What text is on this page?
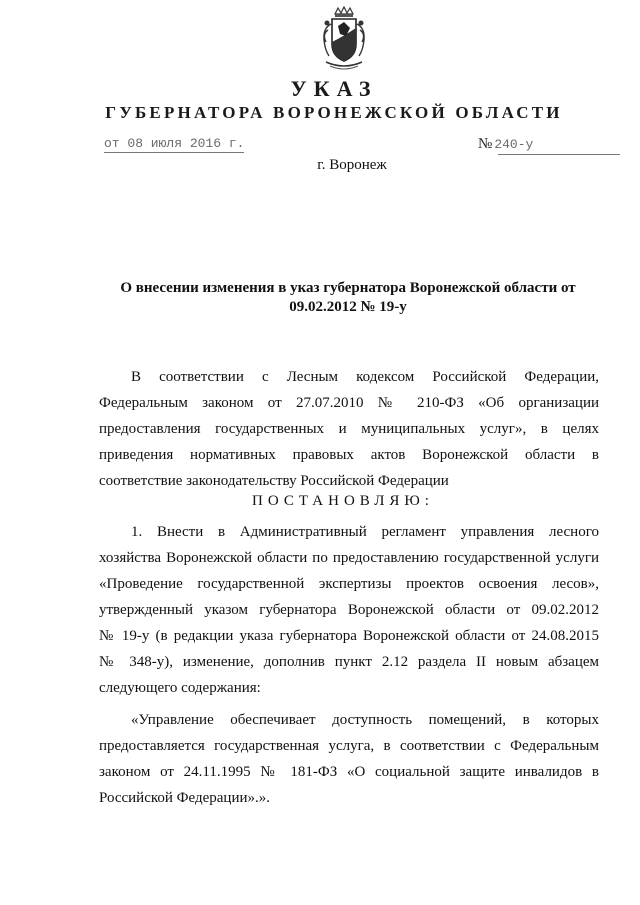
УКАЗ
ГУБЕРНАТОРА ВОРОНЕЖСКОЙ ОБЛАСТИ
от 08 июля 2016 г.	№ 240-у
г. Воронеж
О внесении изменения в указ губернатора Воронежской области от
09.02.2012 № 19-у
В соответствии с Лесным кодексом Российской Федерации,
Федеральным законом от 27.07.2010 № 210-ФЗ «Об организации
предоставления государственных и муниципальных услуг», в целях
приведения нормативных правовых актов Воронежской области в
соответствие законодательству Российской Федерации
ПОСТАНОВЛЯЮ:
1. Внести в Административный регламент управления лесного
хозяйства Воронежской области по предоставлению государственной услуги
«Проведение государственной экспертизы проектов освоения лесов»,
утвержденный указом губернатора Воронежской области от 09.02.2012
№ 19-у (в редакции указа губернатора Воронежской области от 24.08.2015
№ 348-у), изменение, дополнив пункт 2.12 раздела II новым абзацем
следующего содержания:
«Управление обеспечивает доступность помещений, в которых
предоставляется государственная услуга, в соответствии с Федеральным
законом от 24.11.1995 № 181-ФЗ «О социальной защите инвалидов в
Российской Федерации».».
